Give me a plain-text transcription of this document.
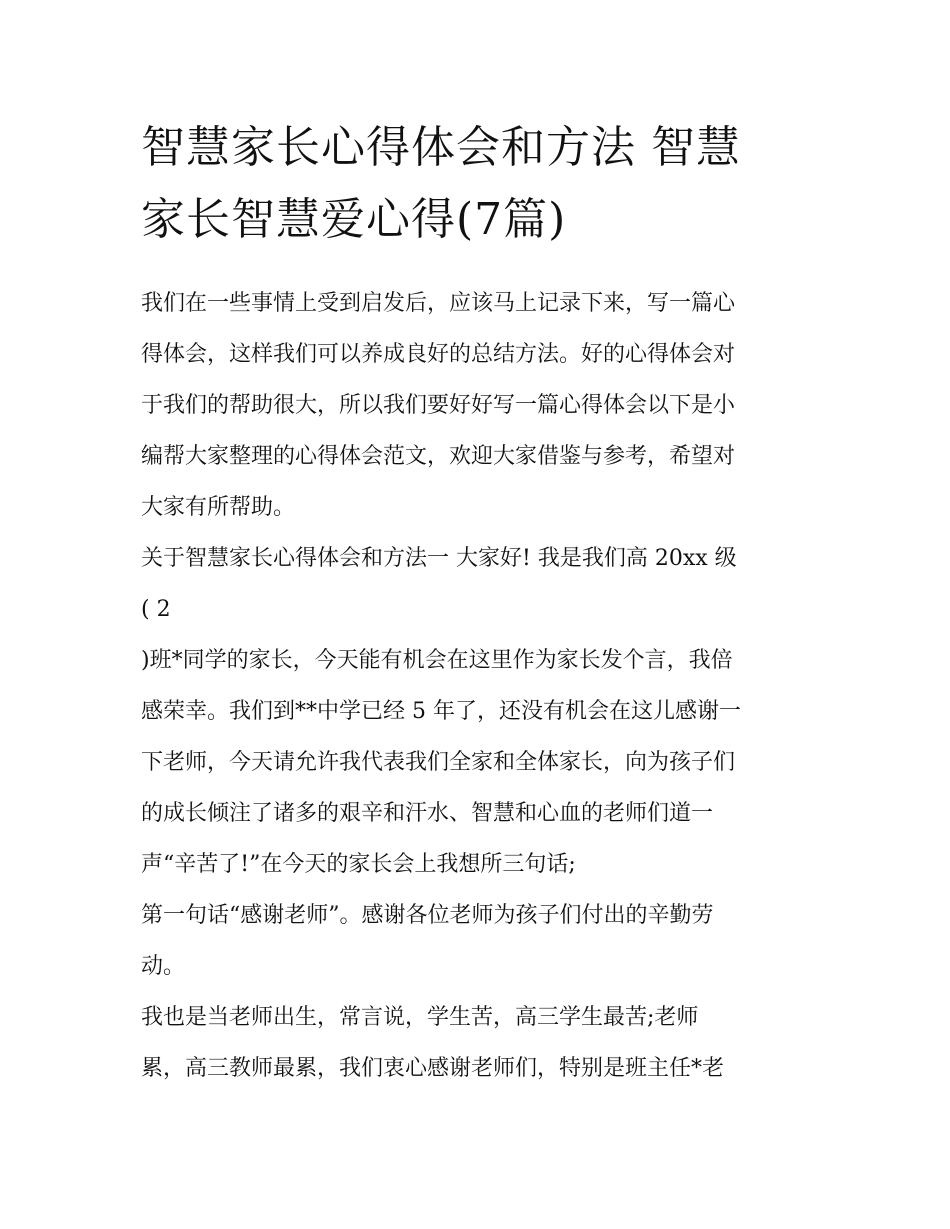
智慧家长心得体会和方法 智慧
家长智慧爱心得(7篇)

我们在一些事情上受到启发后，应该马上记录下来，写一篇心
得体会，这样我们可以养成良好的总结方法。好的心得体会对
于我们的帮助很大，所以我们要好好写一篇心得体会以下是小
编帮大家整理的心得体会范文，欢迎大家借鉴与参考，希望对
大家有所帮助。

关于智慧家长心得体会和方法一 大家好! 我是我们高 20xx 级
( 2
)班*同学的家长，今天能有机会在这里作为家长发个言，我倍
感荣幸。我们到**中学已经 5 年了，还没有机会在这儿感谢一
下老师，今天请允许我代表我们全家和全体家长，向为孩子们
的成长倾注了诸多的艰辛和汗水、智慧和心血的老师们道一
声“辛苦了!”在今天的家长会上我想所三句话;

第一句话“感谢老师”。感谢各位老师为孩子们付出的辛勤劳
动。

我也是当老师出生，常言说，学生苦，高三学生最苦;老师
累，高三教师最累，我们衷心感谢老师们，特别是班主任*老
